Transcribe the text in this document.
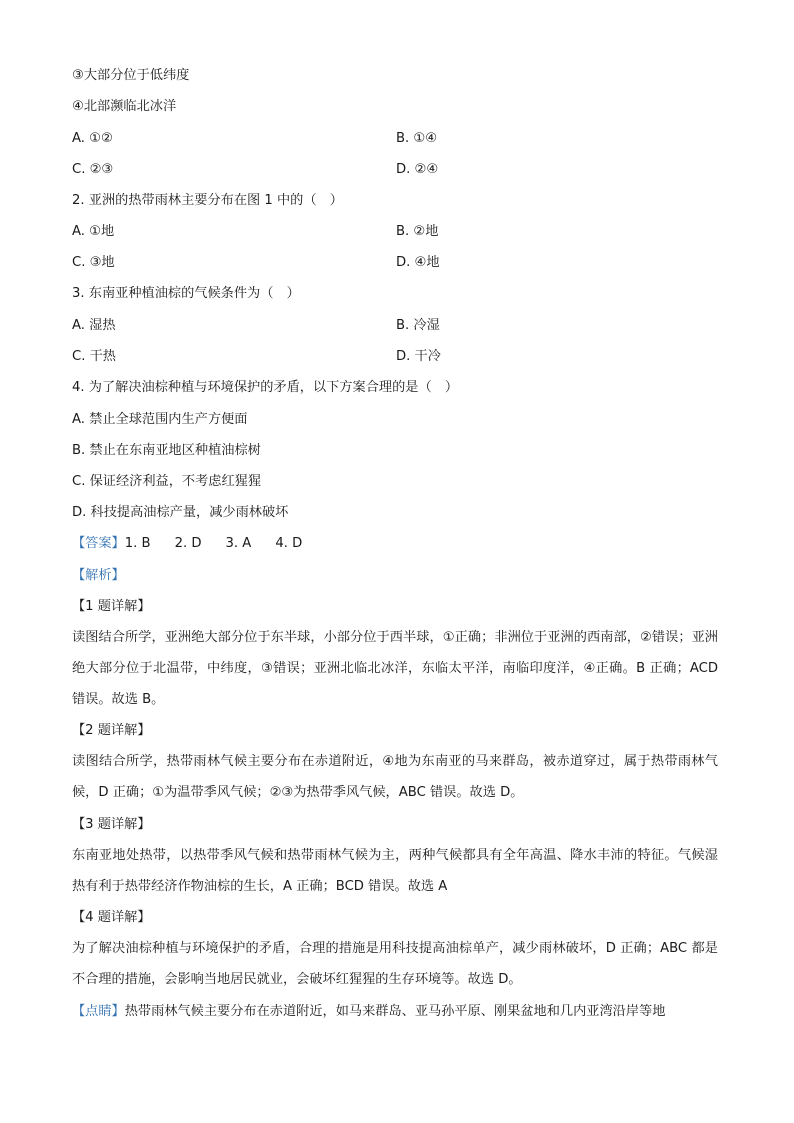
③大部分位于低纬度
④北部濒临北冰洋
A. ①②	B. ①④
C. ②③	D. ②④
2. 亚洲的热带雨林主要分布在图 1 中的（　）
A. ①地	B. ②地
C. ③地	D. ④地
3. 东南亚种植油棕的气候条件为（　）
A. 湿热	B. 冷湿
C. 干热	D. 干冷
4. 为了解决油棕种植与环境保护的矛盾，以下方案合理的是（　）
A. 禁止全球范围内生产方便面
B. 禁止在东南亚地区种植油棕树
C. 保证经济利益，不考虑红猩猩
D. 科技提高油棕产量，减少雨林破坏
【答案】1. B 2. D 3. A 4. D
【解析】
【1 题详解】
读图结合所学，亚洲绝大部分位于东半球，小部分位于西半球，①正确；非洲位于亚洲的西南部，②错误；亚洲绝大部分位于北温带，中纬度，③错误；亚洲北临北冰洋，东临太平洋，南临印度洋，④正确。B 正确；ACD 错误。故选 B。
【2 题详解】
读图结合所学，热带雨林气候主要分布在赤道附近，④地为东南亚的马来群岛，被赤道穿过，属于热带雨林气候，D 正确；①为温带季风气候；②③为热带季风气候，ABC 错误。故选 D。
【3 题详解】
东南亚地处热带，以热带季风气候和热带雨林气候为主，两种气候都具有全年高温、降水丰沛的特征。气候湿热有利于热带经济作物油棕的生长，A 正确；BCD 错误。故选 A
【4 题详解】
为了解决油棕种植与环境保护的矛盾，合理的措施是用科技提高油棕单产，减少雨林破坏，D 正确；ABC 都是不合理的措施，会影响当地居民就业，会破坏红猩猩的生存环境等。故选 D。
【点睛】热带雨林气候主要分布在赤道附近，如马来群岛、亚马孙平原、刚果盆地和几内亚湾沿岸等地
